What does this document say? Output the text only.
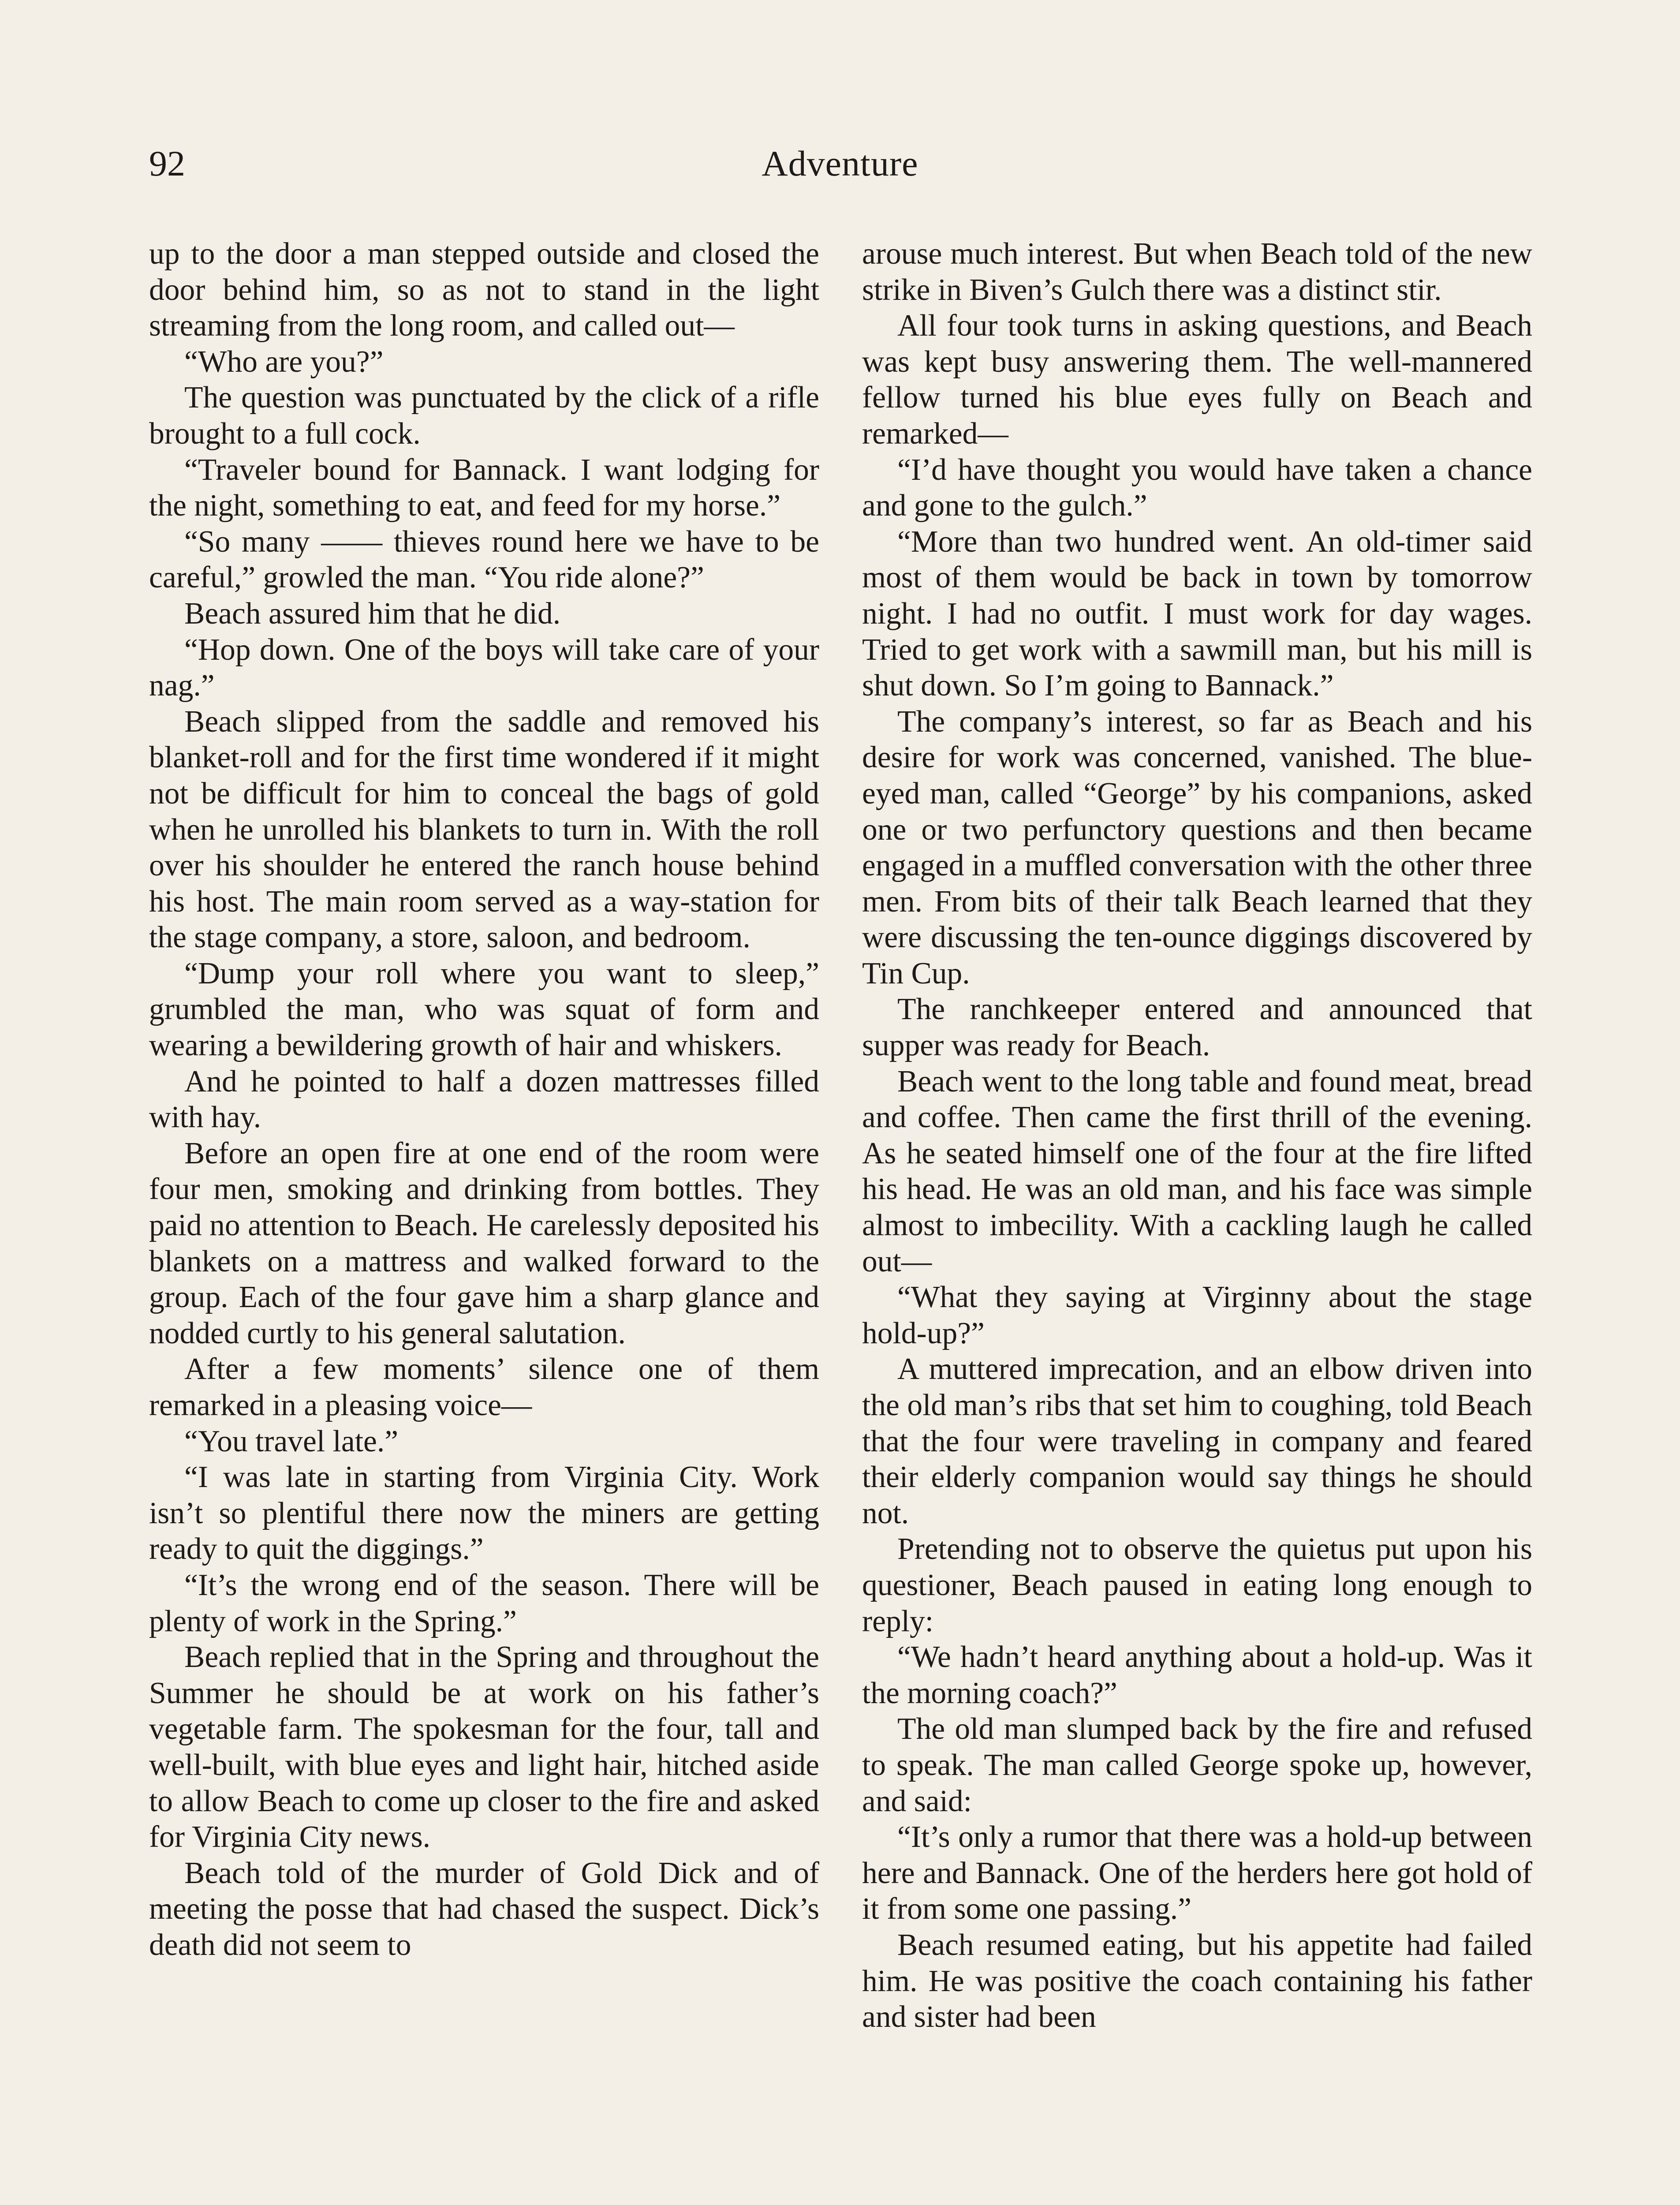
92	Adventure

up to the door a man stepped outside and closed the door behind him, so as not to stand in the light streaming from the long room, and called out—

“Who are you?”

The question was punctuated by the click of a rifle brought to a full cock.

“Traveler bound for Bannack. I want lodging for the night, something to eat, and feed for my horse.”

“So many —— thieves round here we have to be careful,” growled the man. “You ride alone?”

Beach assured him that he did.

“Hop down. One of the boys will take care of your nag.”

Beach slipped from the saddle and removed his blanket-roll and for the first time wondered if it might not be difficult for him to conceal the bags of gold when he unrolled his blankets to turn in. With the roll over his shoulder he entered the ranch house behind his host. The main room served as a way-station for the stage company, a store, saloon, and bedroom.

“Dump your roll where you want to sleep,” grumbled the man, who was squat of form and wearing a bewildering growth of hair and whiskers.

And he pointed to half a dozen mattresses filled with hay.

Before an open fire at one end of the room were four men, smoking and drinking from bottles. They paid no attention to Beach. He carelessly deposited his blankets on a mattress and walked forward to the group. Each of the four gave him a sharp glance and nodded curtly to his general salutation.

After a few moments’ silence one of them remarked in a pleasing voice—

“You travel late.”

“I was late in starting from Virginia City. Work isn’t so plentiful there now the miners are getting ready to quit the diggings.”

“It’s the wrong end of the season. There will be plenty of work in the Spring.”

Beach replied that in the Spring and throughout the Summer he should be at work on his father’s vegetable farm. The spokesman for the four, tall and well-built, with blue eyes and light hair, hitched aside to allow Beach to come up closer to the fire and asked for Virginia City news.

Beach told of the murder of Gold Dick and of meeting the posse that had chased the suspect. Dick’s death did not seem to

arouse much interest. But when Beach told of the new strike in Biven’s Gulch there was a distinct stir.

All four took turns in asking questions, and Beach was kept busy answering them. The well-mannered fellow turned his blue eyes fully on Beach and remarked—

“I’d have thought you would have taken a chance and gone to the gulch.”

“More than two hundred went. An old-timer said most of them would be back in town by tomorrow night. I had no outfit. I must work for day wages. Tried to get work with a sawmill man, but his mill is shut down. So I’m going to Bannack.”

The company’s interest, so far as Beach and his desire for work was concerned, vanished. The blue-eyed man, called “George” by his companions, asked one or two perfunctory questions and then became engaged in a muffled conversation with the other three men. From bits of their talk Beach learned that they were discussing the ten-ounce diggings discovered by Tin Cup.

The ranchkeeper entered and announced that supper was ready for Beach.

Beach went to the long table and found meat, bread and coffee. Then came the first thrill of the evening. As he seated himself one of the four at the fire lifted his head. He was an old man, and his face was simple almost to imbecility. With a cackling laugh he called out—

“What they saying at Virginny about the stage hold-up?”

A muttered imprecation, and an elbow driven into the old man’s ribs that set him to coughing, told Beach that the four were traveling in company and feared their elderly companion would say things he should not.

Pretending not to observe the quietus put upon his questioner, Beach paused in eating long enough to reply:

“We hadn’t heard anything about a hold-up. Was it the morning coach?”

The old man slumped back by the fire and refused to speak. The man called George spoke up, however, and said:

“It’s only a rumor that there was a hold-up between here and Bannack. One of the herders here got hold of it from some one passing.”

Beach resumed eating, but his appetite had failed him. He was positive the coach containing his father and sister had been
